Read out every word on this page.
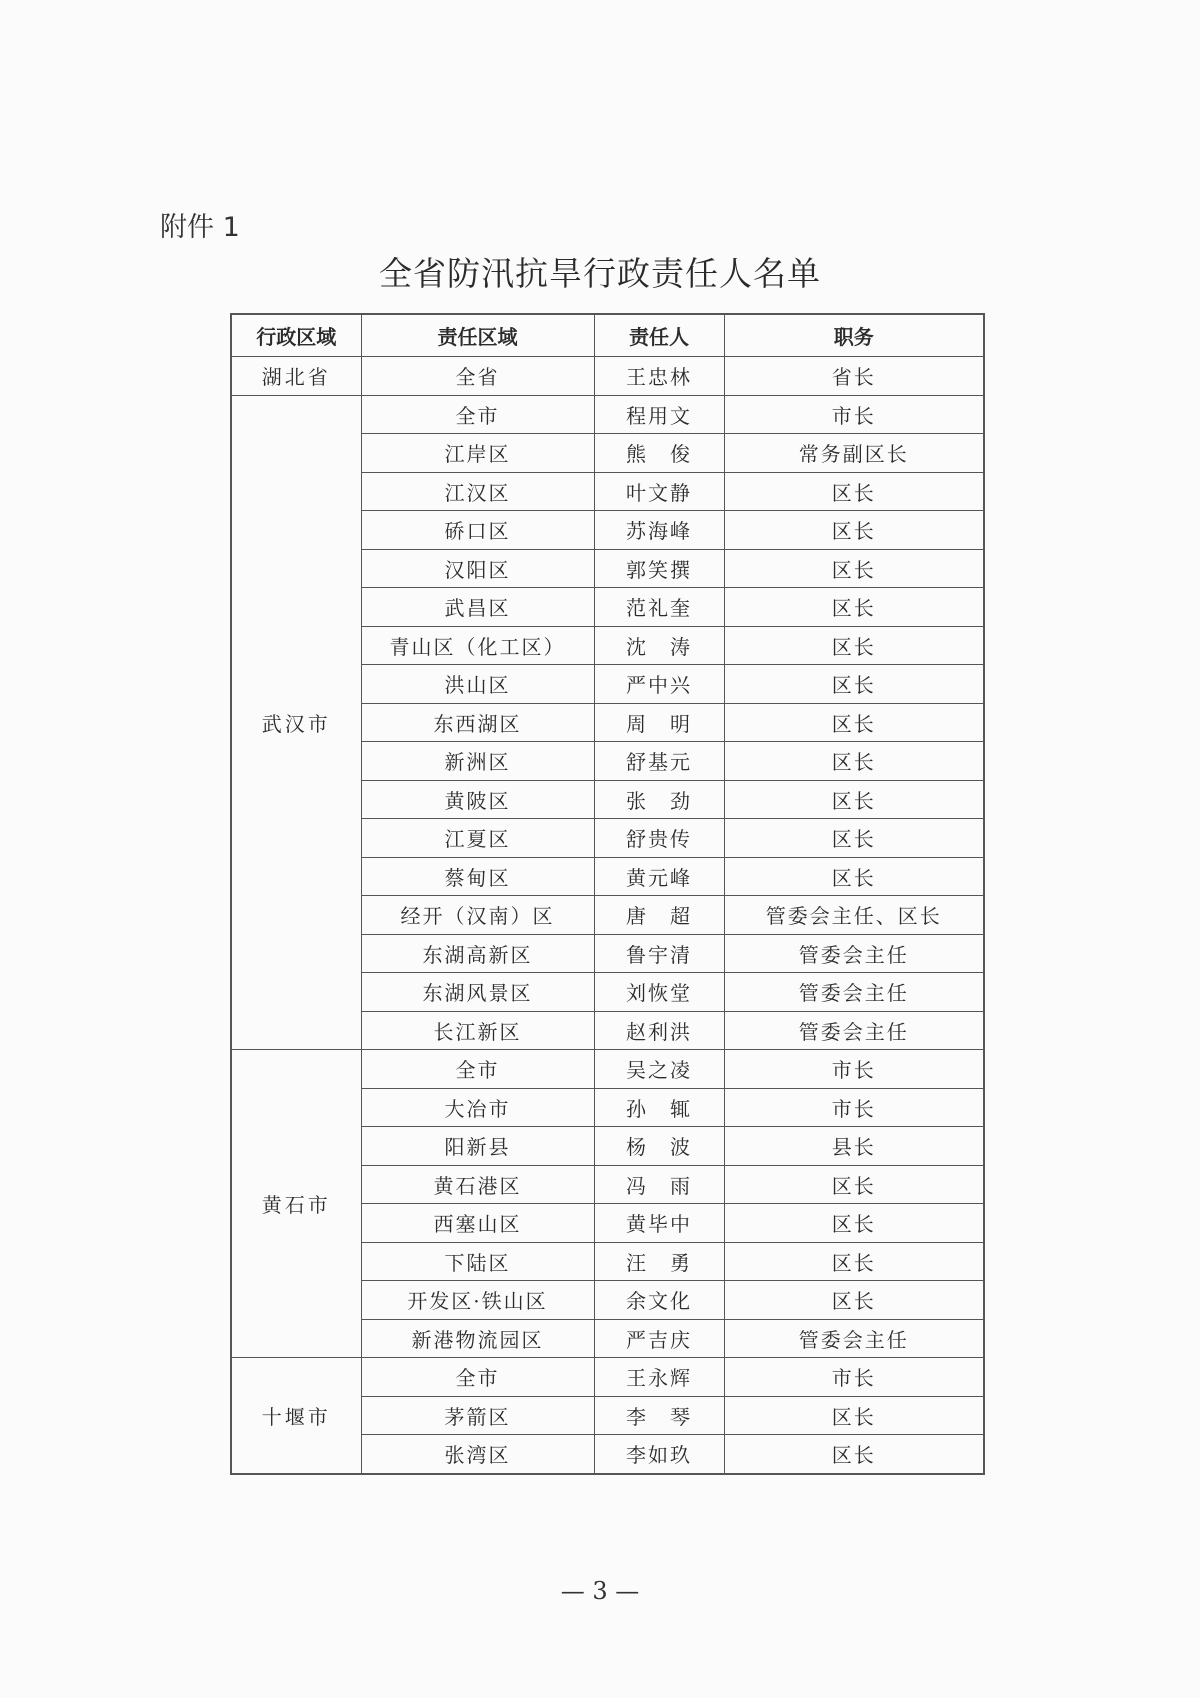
附件 1
全省防汛抗旱行政责任人名单
行政区域	责任区域	责任人	职务
湖北省	全省	王忠林	省长
武汉市	全市	程用文	市长
	江岸区	熊　俊	常务副区长
	江汉区	叶文静	区长
	硚口区	苏海峰	区长
	汉阳区	郭笑撰	区长
	武昌区	范礼奎	区长
	青山区（化工区）	沈　涛	区长
	洪山区	严中兴	区长
	东西湖区	周　明	区长
	新洲区	舒基元	区长
	黄陂区	张　劲	区长
	江夏区	舒贵传	区长
	蔡甸区	黄元峰	区长
	经开（汉南）区	唐　超	管委会主任、区长
	东湖高新区	鲁宇清	管委会主任
	东湖风景区	刘恢堂	管委会主任
	长江新区	赵利洪	管委会主任
黄石市	全市	吴之凌	市长
	大冶市	孙　辄	市长
	阳新县	杨　波	县长
	黄石港区	冯　雨	区长
	西塞山区	黄毕中	区长
	下陆区	汪　勇	区长
	开发区·铁山区	余文化	区长
	新港物流园区	严吉庆	管委会主任
十堰市	全市	王永辉	市长
	茅箭区	李　琴	区长
	张湾区	李如玖	区长
— 3 —
